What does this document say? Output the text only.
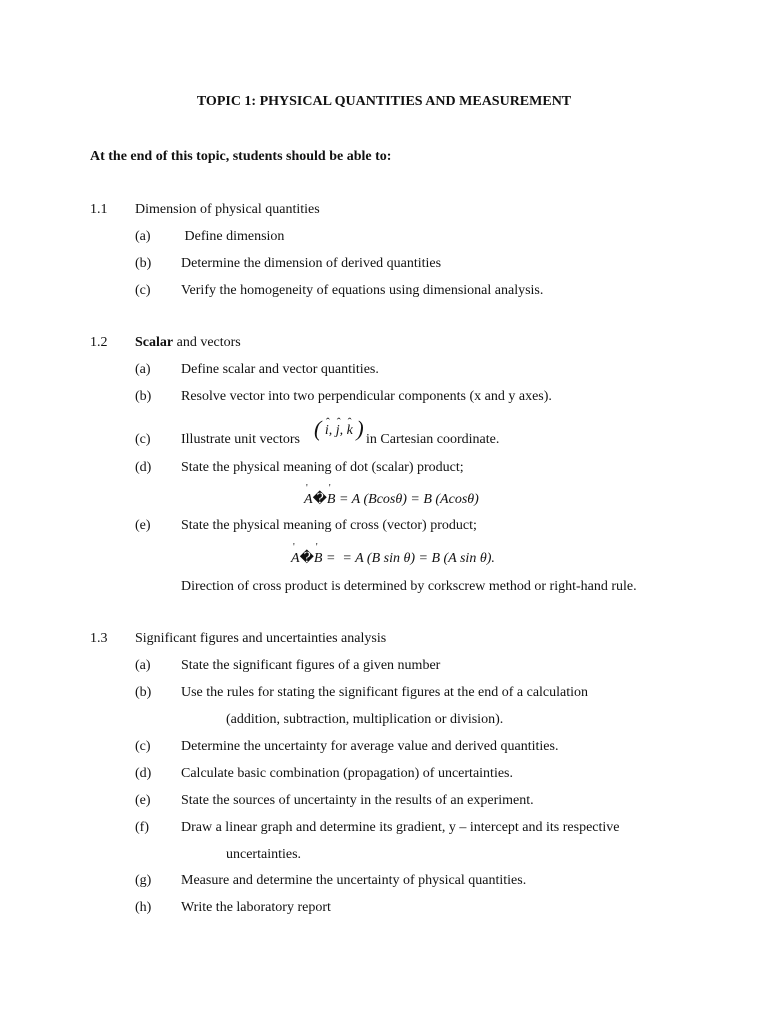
TOPIC 1: PHYSICAL QUANTITIES AND MEASUREMENT
At the end of this topic, students should be able to:
1.1 Dimension of physical quantities
(a) Define dimension
(b) Determine the dimension of derived quantities
(c) Verify the homogeneity of equations using dimensional analysis.
1.2 Scalar and vectors
(a) Define scalar and vector quantities.
(b) Resolve vector into two perpendicular components (x and y axes).
(c) Illustrate unit vectors ( i ˆ, j ˆ, k ˆ ) in Cartesian coordinate.
(d) State the physical meaning of dot (scalar) product;
' A�' B = A (Bcosθ) = B (Acosθ)
(e) State the physical meaning of cross (vector) product;
' A�' B =  = A (B sin θ) = B (A sin θ).
Direction of cross product is determined by corkscrew method or right-hand rule.
1.3 Significant figures and uncertainties analysis
(a) State the significant figures of a given number
(b) Use the rules for stating the significant figures at the end of a calculation
(addition, subtraction, multiplication or division).
(c) Determine the uncertainty for average value and derived quantities.
(d) Calculate basic combination (propagation) of uncertainties.
(e) State the sources of uncertainty in the results of an experiment.
(f) Draw a linear graph and determine its gradient, y – intercept and its respective
uncertainties.
(g) Measure and determine the uncertainty of physical quantities.
(h) Write the laboratory report
